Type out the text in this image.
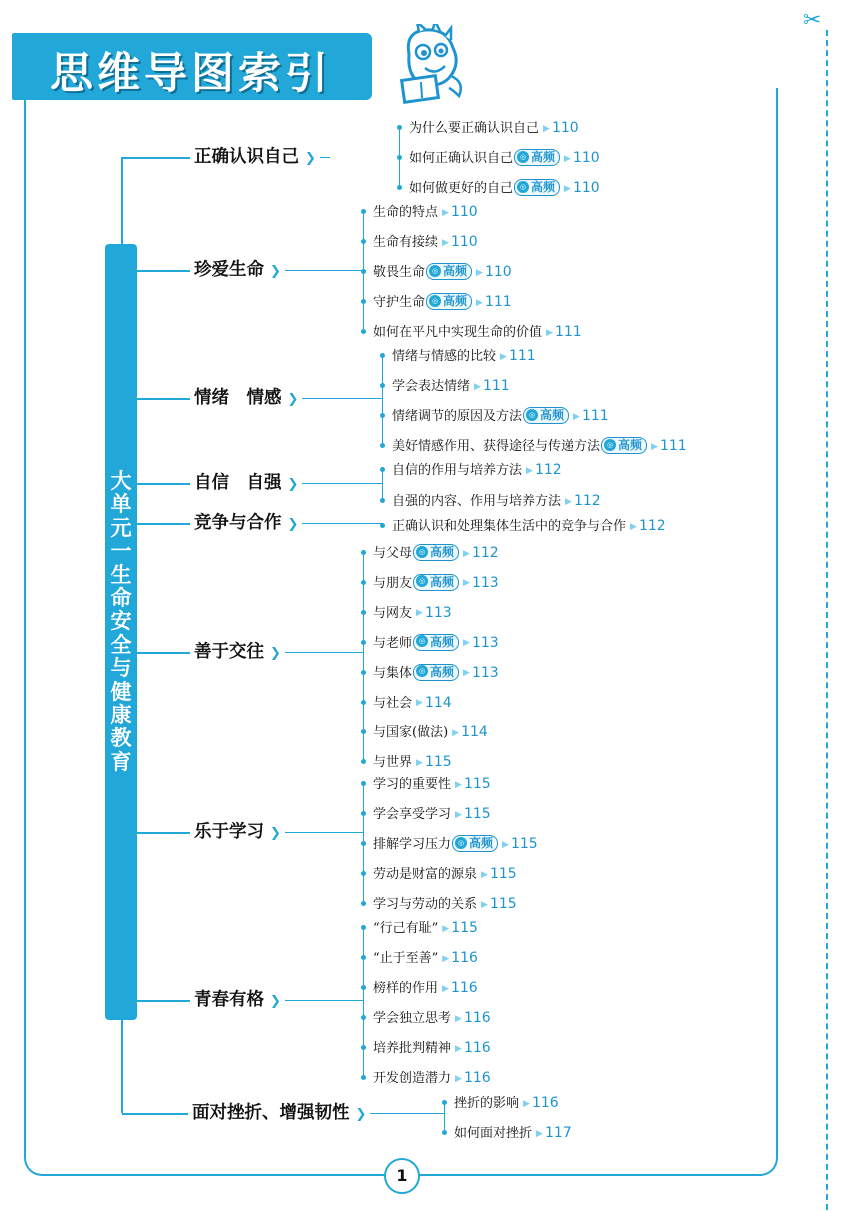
思维导图索引
✂
正确认识自己 ❯
为什么要正确认识自己 ▶ 110
如何正确认识自己 ◎ 高频 ▶ 110
如何做更好的自己 ◎ 高频 ▶ 110
珍爱生命 ❯
生命的特点 ▶ 110
生命有接续 ▶ 110
敬畏生命 ◎ 高频 ▶ 110
守护生命 ◎ 高频 ▶ 111
如何在平凡中实现生命的价值 ▶ 111
情绪　情感 ❯
情绪与情感的比较 ▶ 111
学会表达情绪 ▶ 111
情绪调节的原因及方法 ◎ 高频 ▶ 111
美好情感作用、获得途径与传递方法 ◎ 高频 ▶ 111
自信　自强 ❯
自信的作用与培养方法 ▶ 112
自强的内容、作用与培养方法 ▶ 112
竞争与合作 ❯	正确认识和处理集体生活中的竞争与合作 ▶ 112
善于交往 ❯
与父母 ◎ 高频 ▶ 112
与朋友 ◎ 高频 ▶ 113
与网友 ▶ 113
与老师 ◎ 高频 ▶ 113
与集体 ◎ 高频 ▶ 113
与社会 ▶ 114
与国家(做法) ▶ 114
与世界 ▶ 115
乐于学习 ❯
学习的重要性 ▶ 115
学会享受学习 ▶ 115
排解学习压力 ◎ 高频 ▶ 115
劳动是财富的源泉 ▶ 115
学习与劳动的关系 ▶ 115
青春有格 ❯
“行己有耻” ▶ 115
“止于至善” ▶ 116
榜样的作用 ▶ 116
学会独立思考 ▶ 116
培养批判精神 ▶ 116
开发创造潜力 ▶ 116
面对挫折、增强韧性 ❯
挫折的影响 ▶ 116
如何面对挫折 ▶ 117
大单元一　生命安全与健康教育
1
